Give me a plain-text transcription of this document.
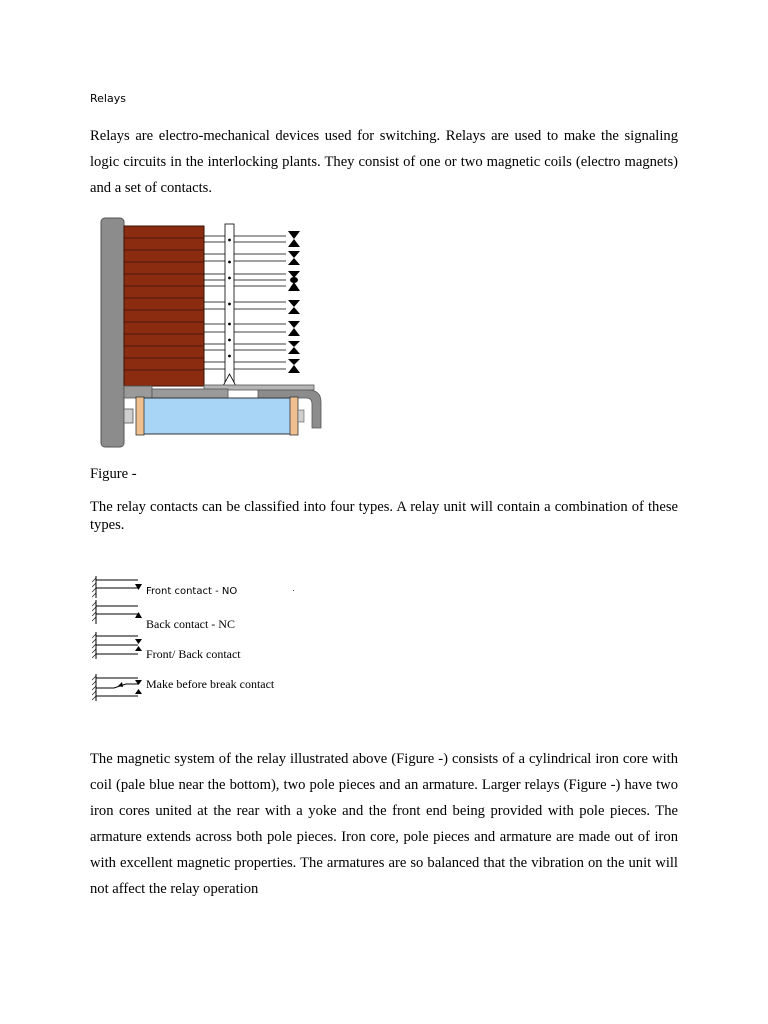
Relays
Relays are electro-mechanical devices used for switching. Relays are used to make the signaling logic circuits in the interlocking plants. They consist of one or two magnetic coils (electro magnets) and a set of contacts.
Figure -
The relay contacts can be classified into four types. A relay unit will contain a combination of these types.
Front contact - NO
Back contact - NC
Front/ Back contact
Make before break contact
The magnetic system of the relay illustrated above (Figure -) consists of a cylindrical iron core with coil (pale blue near the bottom), two pole pieces and an armature. Larger relays (Figure -) have two iron cores united at the rear with a yoke and the front end being provided with pole pieces. The armature extends across both pole pieces. Iron core, pole pieces and armature are made out of iron with excellent magnetic properties. The armatures are so balanced that the vibration on the unit will not affect the relay operation
